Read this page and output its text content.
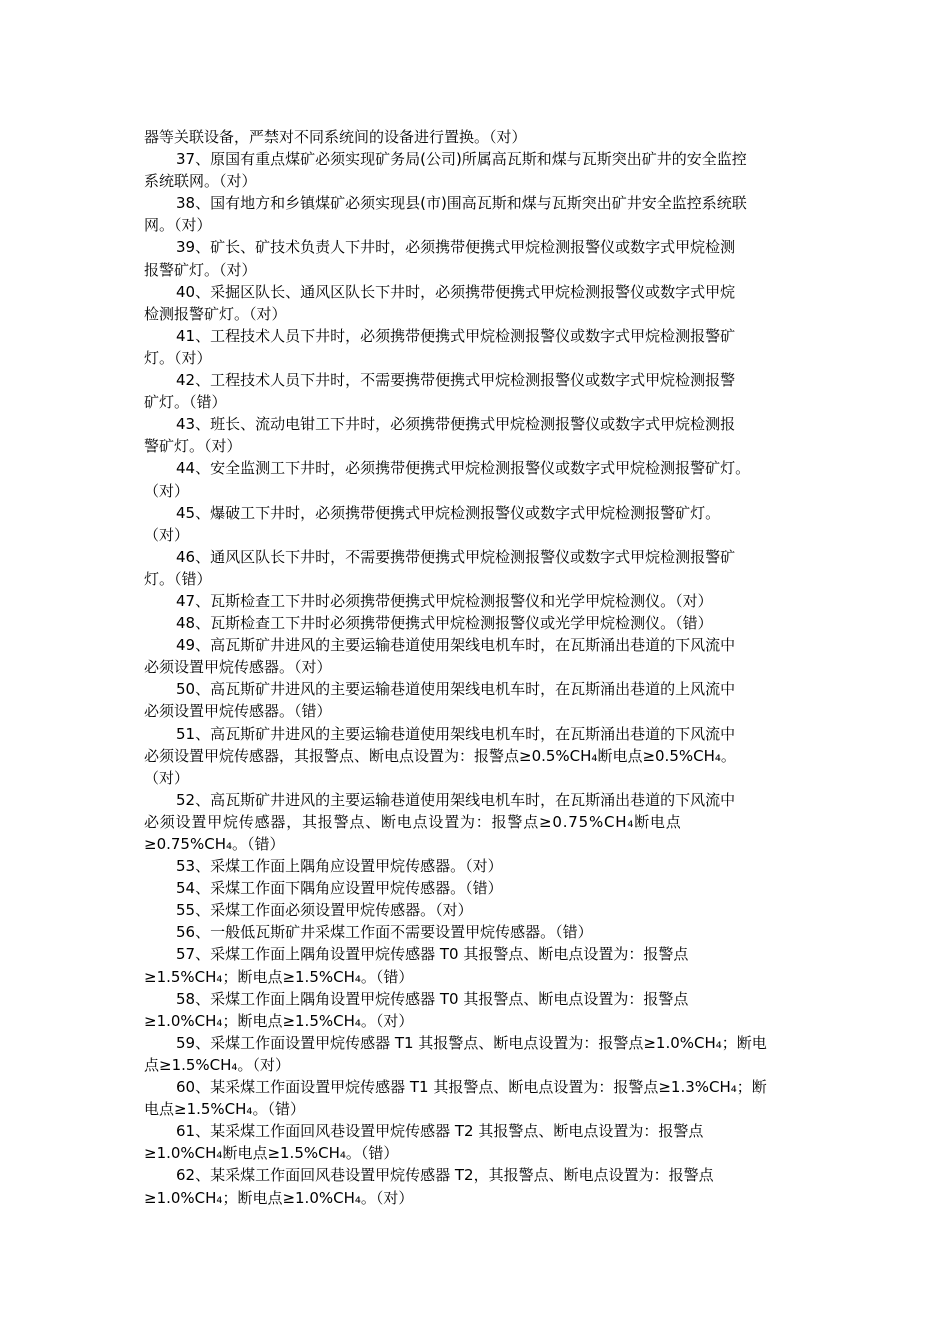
器等关联设备，严禁对不同系统间的设备进行置换。（对）
37、原国有重点煤矿必须实现矿务局(公司)所属高瓦斯和煤与瓦斯突出矿井的安全监控
系统联网。（对）
38、国有地方和乡镇煤矿必须实现县(市)围高瓦斯和煤与瓦斯突出矿井安全监控系统联
网。（对）
39、矿长、矿技术负责人下井时，必须携带便携式甲烷检测报警仪或数字式甲烷检测
报警矿灯。（对）
40、采掘区队长、通风区队长下井时，必须携带便携式甲烷检测报警仪或数字式甲烷
检测报警矿灯。（对）
41、工程技术人员下井时，必须携带便携式甲烷检测报警仪或数字式甲烷检测报警矿
灯。（对）
42、工程技术人员下井时，不需要携带便携式甲烷检测报警仪或数字式甲烷检测报警
矿灯。（错）
43、班长、流动电钳工下井时，必须携带便携式甲烷检测报警仪或数字式甲烷检测报
警矿灯。（对）
44、安全监测工下井时，必须携带便携式甲烷检测报警仪或数字式甲烷检测报警矿灯。
（对）
45、爆破工下井时，必须携带便携式甲烷检测报警仪或数字式甲烷检测报警矿灯。
（对）
46、通风区队长下井时，不需要携带便携式甲烷检测报警仪或数字式甲烷检测报警矿
灯。（错）
47、瓦斯检查工下井时必须携带便携式甲烷检测报警仪和光学甲烷检测仪。（对）
48、瓦斯检查工下井时必须携带便携式甲烷检测报警仪或光学甲烷检测仪。（错）
49、高瓦斯矿井进风的主要运输巷道使用架线电机车时，在瓦斯涌出巷道的下风流中
必须设置甲烷传感器。（对）
50、高瓦斯矿井进风的主要运输巷道使用架线电机车时，在瓦斯涌出巷道的上风流中
必须设置甲烷传感器。（错）
51、高瓦斯矿井进风的主要运输巷道使用架线电机车时，在瓦斯涌出巷道的下风流中
必须设置甲烷传感器，其报警点、断电点设置为：报警点≥0.5%CH₄断电点≥0.5%CH₄。
（对）
52、高瓦斯矿井进风的主要运输巷道使用架线电机车时，在瓦斯涌出巷道的下风流中
必须设置甲烷传感器，其报警点、断电点设置为：报警点≥0.75%CH₄断电点
≥0.75%CH₄。（错）
53、采煤工作面上隅角应设置甲烷传感器。（对）
54、采煤工作面下隅角应设置甲烷传感器。（错）
55、采煤工作面必须设置甲烷传感器。（对）
56、一般低瓦斯矿井采煤工作面不需要设置甲烷传感器。（错）
57、采煤工作面上隅角设置甲烷传感器 T0 其报警点、断电点设置为：报警点
≥1.5%CH₄；断电点≥1.5%CH₄。（错）
58、采煤工作面上隅角设置甲烷传感器 T0 其报警点、断电点设置为：报警点
≥1.0%CH₄；断电点≥1.5%CH₄。（对）
59、采煤工作面设置甲烷传感器 T1 其报警点、断电点设置为：报警点≥1.0%CH₄；断电
点≥1.5%CH₄。（对）
60、某采煤工作面设置甲烷传感器 T1 其报警点、断电点设置为：报警点≥1.3%CH₄；断
电点≥1.5%CH₄。（错）
61、某采煤工作面回风巷设置甲烷传感器 T2 其报警点、断电点设置为：报警点
≥1.0%CH₄断电点≥1.5%CH₄。（错）
62、某采煤工作面回风巷设置甲烷传感器 T2，其报警点、断电点设置为：报警点
≥1.0%CH₄；断电点≥1.0%CH₄。（对）
